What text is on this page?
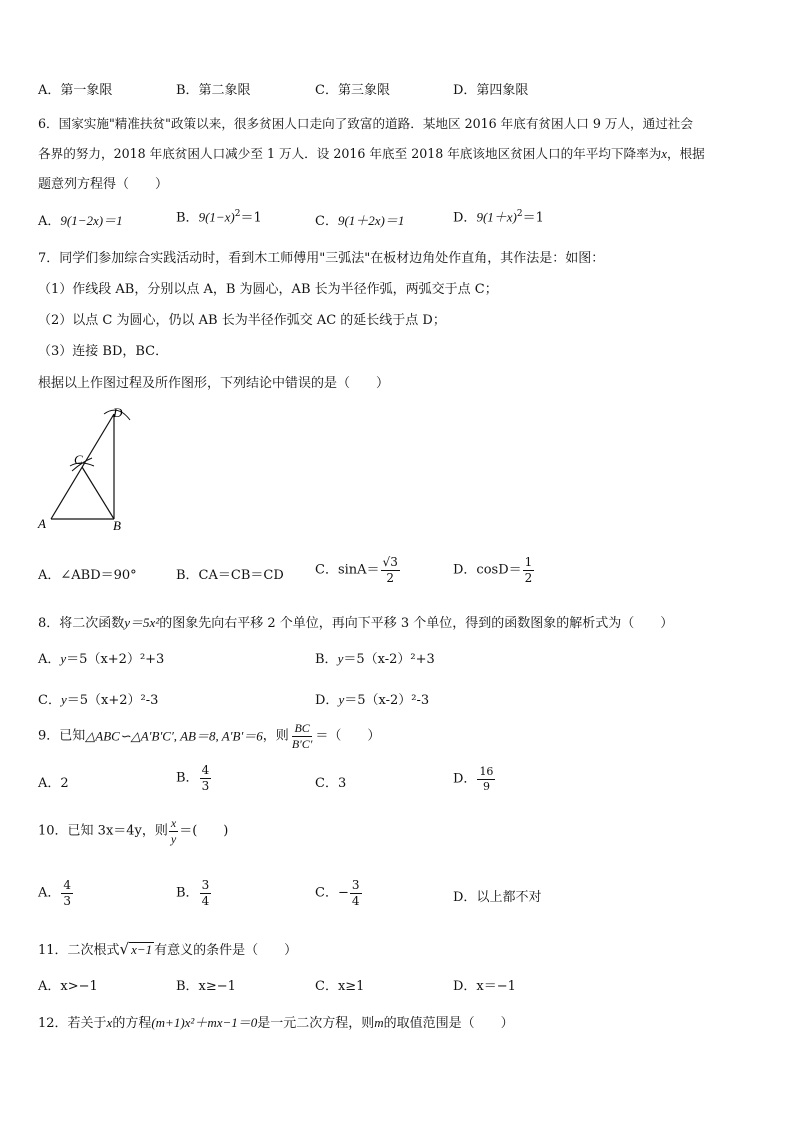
A．第一象限	B．第二象限	C．第三象限	D．第四象限
6．国家实施"精准扶贫"政策以来，很多贫困人口走向了致富的道路．某地区 2016 年底有贫困人口 9 万人，通过社会
各界的努力，2018 年底贫困人口减少至 1 万人．设 2016 年底至 2018 年底该地区贫困人口的年平均下降率为x，根据
题意列方程得（　　）
A．9(1−2x)＝1	B．$9(1-x)^2=1$	C．9(1＋2x)＝1	D．$9(1+x)^2=1$
7．同学们参加综合实践活动时，看到木工师傅用"三弧法"在板材边角处作直角，其作法是：如图：
（1）作线段 AB，分别以点 A，B 为圆心，AB 长为半径作弧，两弧交于点 C；
（2）以点 C 为圆心，仍以 AB 长为半径作弧交 AC 的延长线于点 D；
（3）连接 BD，BC．
根据以上作图过程及所作图形，下列结论中错误的是（　　）
A	B
C
D
A．∠ABD＝90°	B．CA＝CB＝CD C．$\sin A= \frac{√3}{2}$	D．$\cos D= \frac{1}{2}$
8．将二次函数y＝5x²的图象先向右平移 2 个单位，再向下平移 3 个单位，得到的函数图象的解析式为（　　）
A．y＝5（x+2）²+3	B．y＝5（x-2）²+3
C．y＝5（x+2）²-3	D．y＝5（x-2）²-3
9．已知△ABC∽△A′B′C′, AB＝8, A′B′＝6，则 $\frac{BC}{B'C'}$ ＝（　　）
A．2	B． $\frac{4}{3}$	C．3	D． $\frac{16}{9}$
10．已知 3x＝4y，则 $\frac{x}{y}$ ＝(　　)
A． $\frac{4}{3}$	B． $\frac{3}{4}$	C．− $\frac{3}{4}$	D．以上都不对
11．二次根式√ x−1 有意义的条件是（　　）
A．x>−1	B．x≥−1	C．x≥1	D．x＝−1
12．若关于x的方程(m+1)x²＋mx−1＝0是一元二次方程，则m的取值范围是（　　）
